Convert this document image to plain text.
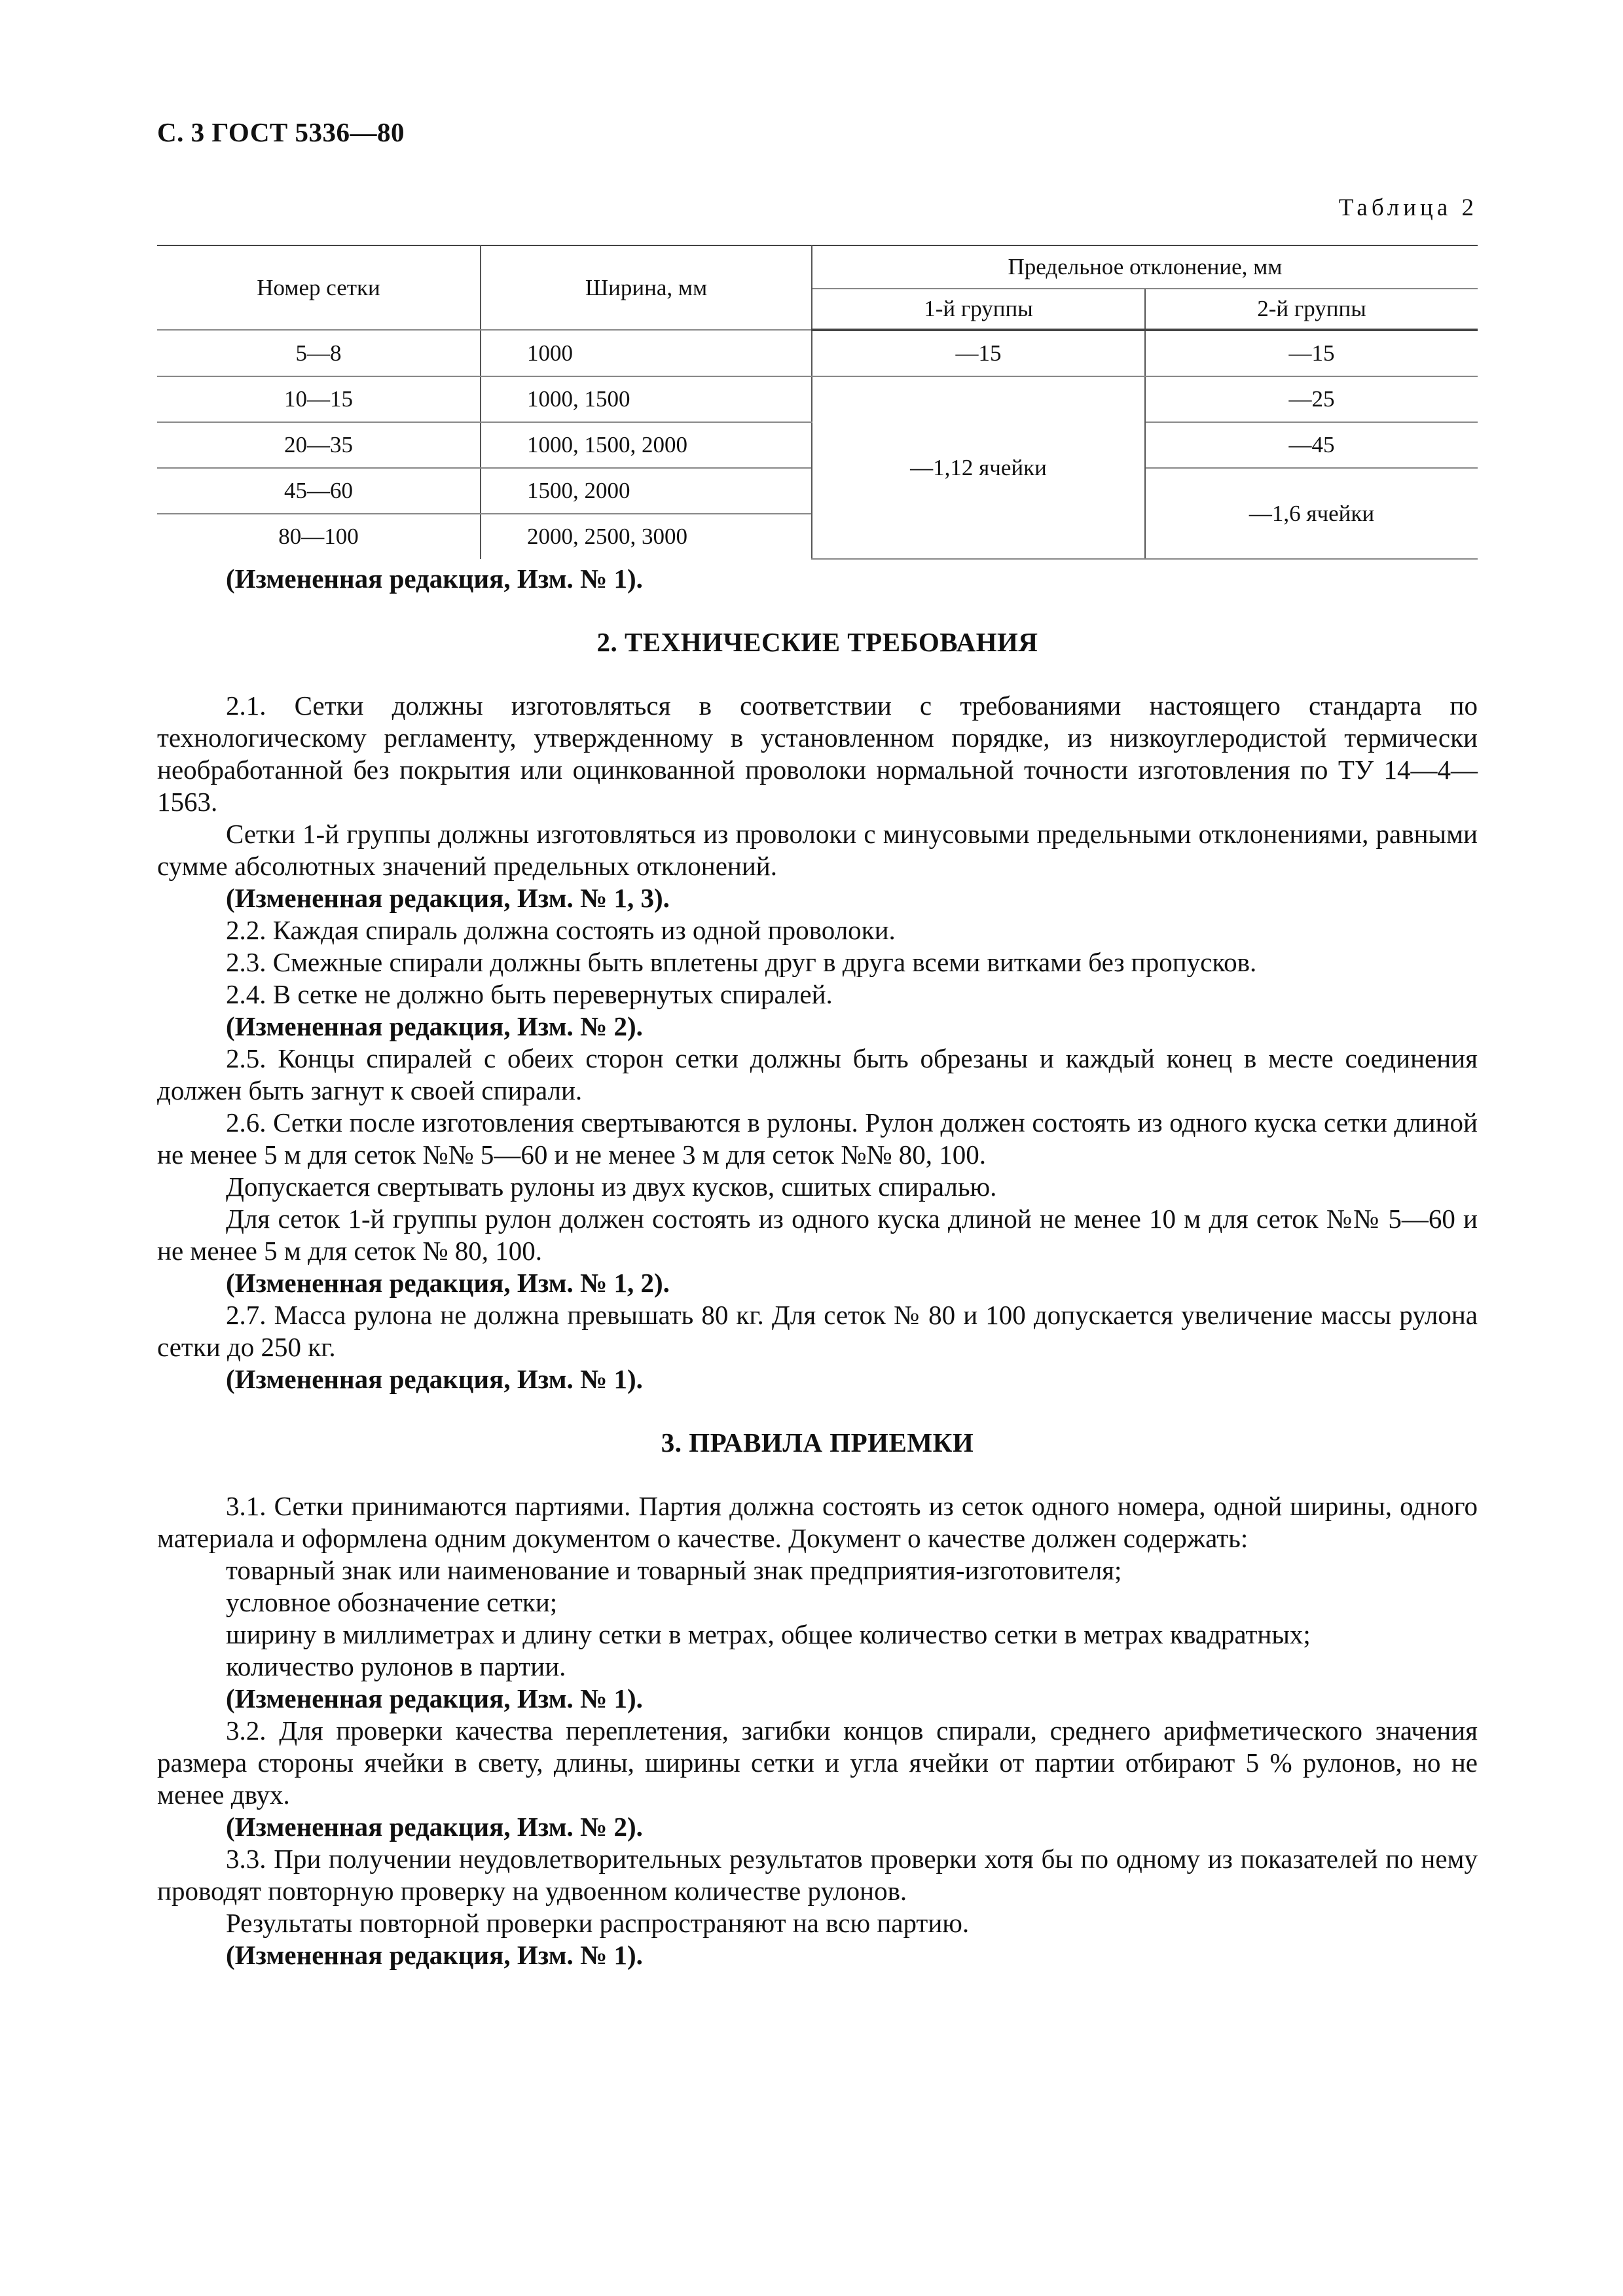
С. 3 ГОСТ 5336—80
Таблица 2
Номер сетки	Ширина, мм	Предельное отклонение, мм	
		1-й группы	2-й группы
5—8	1000	—15	—15
10—15	1000, 1500	—1,12 ячейки	—25
20—35	1000, 1500, 2000		—45
45—60	1500, 2000		—1,6 ячейки
80—100	2000, 2500, 3000		

(Измененная редакция, Изм. № 1).

2. ТЕХНИЧЕСКИЕ ТРЕБОВАНИЯ

2.1. Сетки должны изготовляться в соответствии с требованиями настоящего стандарта по технологическому регламенту, утвержденному в установленном порядке, из низкоуглеродистой термически необработанной без покрытия или оцинкованной проволоки нормальной точности изготовления по ТУ 14—4—1563.

Сетки 1-й группы должны изготовляться из проволоки с минусовыми предельными отклонениями, равными сумме абсолютных значений предельных отклонений.

(Измененная редакция, Изм. № 1, 3).

2.2. Каждая спираль должна состоять из одной проволоки.

2.3. Смежные спирали должны быть вплетены друг в друга всеми витками без пропусков.

2.4. В сетке не должно быть перевернутых спиралей.

(Измененная редакция, Изм. № 2).

2.5. Концы спиралей с обеих сторон сетки должны быть обрезаны и каждый конец в месте соединения должен быть загнут к своей спирали.

2.6. Сетки после изготовления свертываются в рулоны. Рулон должен состоять из одного куска сетки длиной не менее 5 м для сеток №№ 5—60 и не менее 3 м для сеток №№ 80, 100.

Допускается свертывать рулоны из двух кусков, сшитых спиралью.

Для сеток 1-й группы рулон должен состоять из одного куска длиной не менее 10 м для сеток №№ 5—60 и не менее 5 м для сеток № 80, 100.

(Измененная редакция, Изм. № 1, 2).

2.7. Масса рулона не должна превышать 80 кг. Для сеток № 80 и 100 допускается увеличение массы рулона сетки до 250 кг.

(Измененная редакция, Изм. № 1).

3. ПРАВИЛА ПРИЕМКИ

3.1. Сетки принимаются партиями. Партия должна состоять из сеток одного номера, одной ширины, одного материала и оформлена одним документом о качестве. Документ о качестве должен содержать:

товарный знак или наименование и товарный знак предприятия-изготовителя;

условное обозначение сетки;

ширину в миллиметрах и длину сетки в метрах, общее количество сетки в метрах квадратных;

количество рулонов в партии.

(Измененная редакция, Изм. № 1).

3.2. Для проверки качества переплетения, загибки концов спирали, среднего арифметического значения размера стороны ячейки в свету, длины, ширины сетки и угла ячейки от партии отбирают 5 % рулонов, но не менее двух.

(Измененная редакция, Изм. № 2).

3.3. При получении неудовлетворительных результатов проверки хотя бы по одному из показателей по нему проводят повторную проверку на удвоенном количестве рулонов.

Результаты повторной проверки распространяют на всю партию.

(Измененная редакция, Изм. № 1).
